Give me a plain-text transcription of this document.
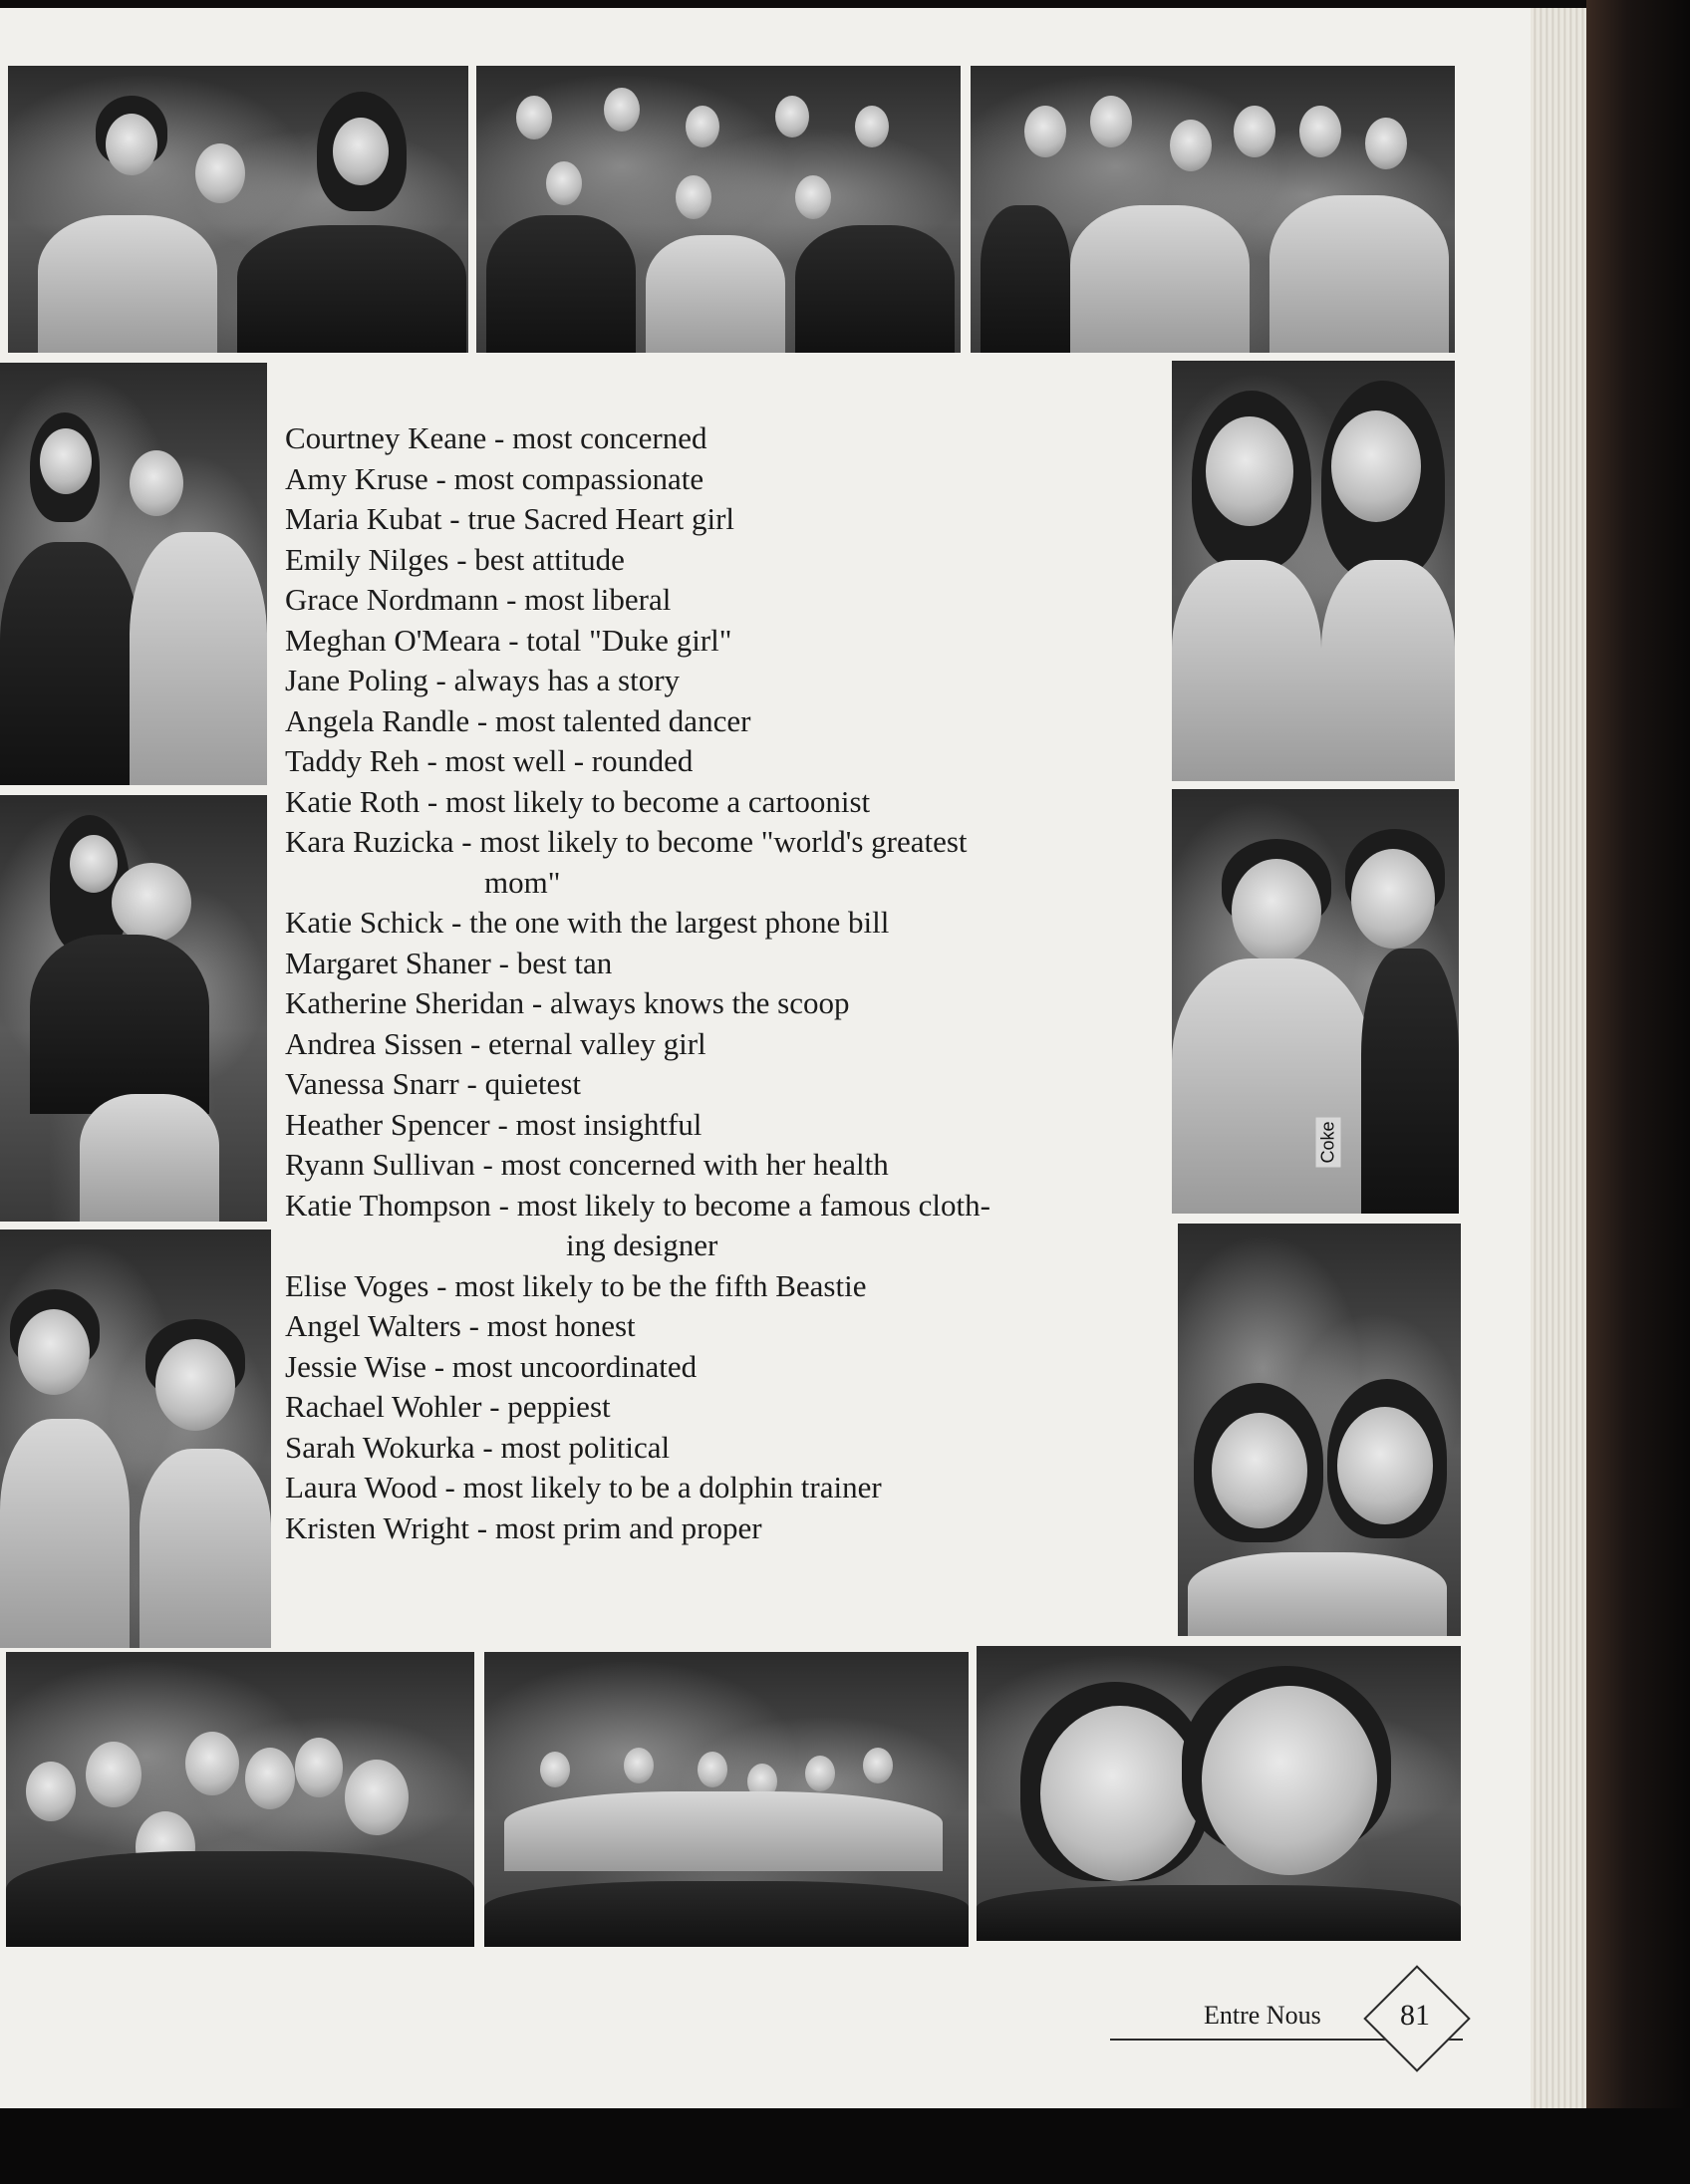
Coke
Courtney Keane - most concerned
Amy Kruse - most compassionate
Maria Kubat - true Sacred Heart girl
Emily Nilges - best attitude
Grace Nordmann - most liberal
Meghan O'Meara - total "Duke girl"
Jane Poling - always has a story
Angela Randle - most talented dancer
Taddy Reh - most well - rounded
Katie Roth - most likely to become a cartoonist
Kara Ruzicka - most likely to become "world's greatest
mom"
Katie Schick - the one with the largest phone bill
Margaret Shaner - best tan
Katherine Sheridan - always knows the scoop
Andrea Sissen - eternal valley girl
Vanessa Snarr - quietest
Heather Spencer - most insightful
Ryann Sullivan - most concerned with her health
Katie Thompson - most likely to become a famous cloth-
ing designer
Elise Voges - most likely to be the fifth Beastie
Angel Walters - most honest
Jessie Wise - most uncoordinated
Rachael Wohler - peppiest
Sarah Wokurka - most political
Laura Wood - most likely to be a dolphin trainer
Kristen Wright - most prim and proper
Entre Nous	81
